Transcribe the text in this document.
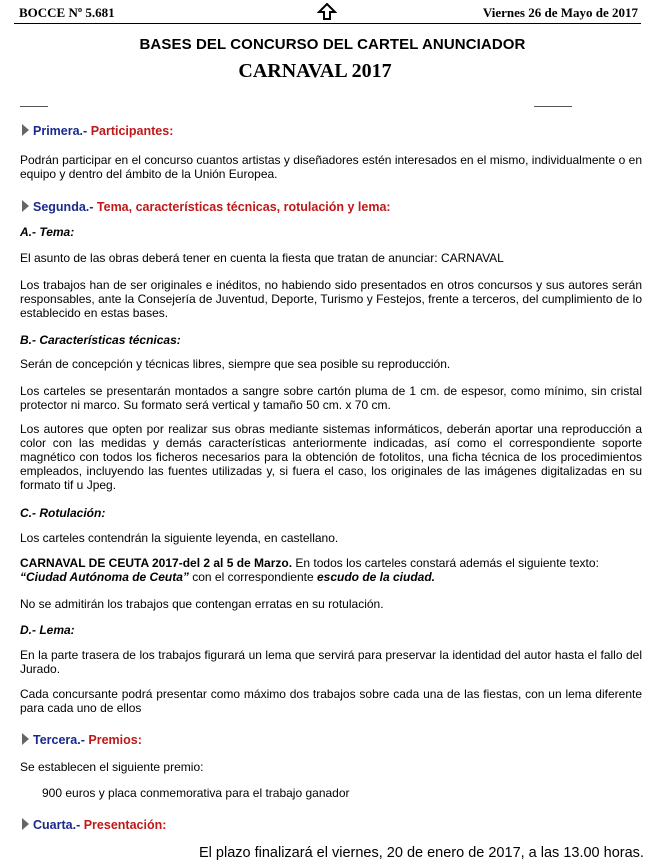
BOCCE Nº 5.681	Viernes 26 de Mayo de 2017
BASES DEL CONCURSO DEL CARTEL ANUNCIADOR
CARNAVAL 2017
Primera.- Participantes:
Podrán participar en el concurso cuantos artistas y diseñadores estén interesados en el mismo, individualmente o en equipo y dentro del ámbito de la Unión Europea.
Segunda.- Tema, características técnicas, rotulación y lema:
A.- Tema:
El asunto de las obras deberá tener en cuenta la fiesta que tratan de anunciar: CARNAVAL
Los trabajos han de ser originales e inéditos, no habiendo sido presentados en otros concursos y sus autores serán responsables, ante la Consejería de Juventud, Deporte, Turismo y Festejos, frente a terceros, del cumplimiento de lo establecido en estas bases.
B.- Características técnicas:
Serán de concepción y técnicas libres, siempre que sea posible su reproducción.
Los carteles se presentarán montados a sangre sobre cartón pluma de 1 cm. de espesor, como mínimo, sin cristal protector ni marco. Su formato será vertical y tamaño 50 cm. x 70 cm.
Los autores que opten por realizar sus obras mediante sistemas informáticos, deberán aportar una reproducción a color con las medidas y demás características anteriormente indicadas, así como el correspondiente soporte magnético con todos los ficheros necesarios para la obtención de fotolitos, una ficha técnica de los procedimientos empleados, incluyendo las fuentes utilizadas y, si fuera el caso, los originales de las imágenes digitalizadas en su formato tif u Jpeg.
C.- Rotulación:
Los carteles contendrán la siguiente leyenda, en castellano.
CARNAVAL DE CEUTA 2017-del 2 al 5 de Marzo. En todos los carteles constará además el siguiente texto:
“Ciudad Autónoma de Ceuta” con el correspondiente escudo de la ciudad.
No se admitirán los trabajos que contengan erratas en su rotulación.
D.- Lema:
En la parte trasera de los trabajos figurará un lema que servirá para preservar la identidad del autor hasta el fallo del Jurado.
Cada concursante podrá presentar como máximo dos trabajos sobre cada una de las fiestas, con un lema diferente para cada uno de ellos
Tercera.- Premios:
Se establecen el siguiente premio:
900 euros y placa conmemorativa para el trabajo ganador
Cuarta.- Presentación:
El plazo finalizará el viernes, 20 de enero de 2017, a las 13.00 horas.
